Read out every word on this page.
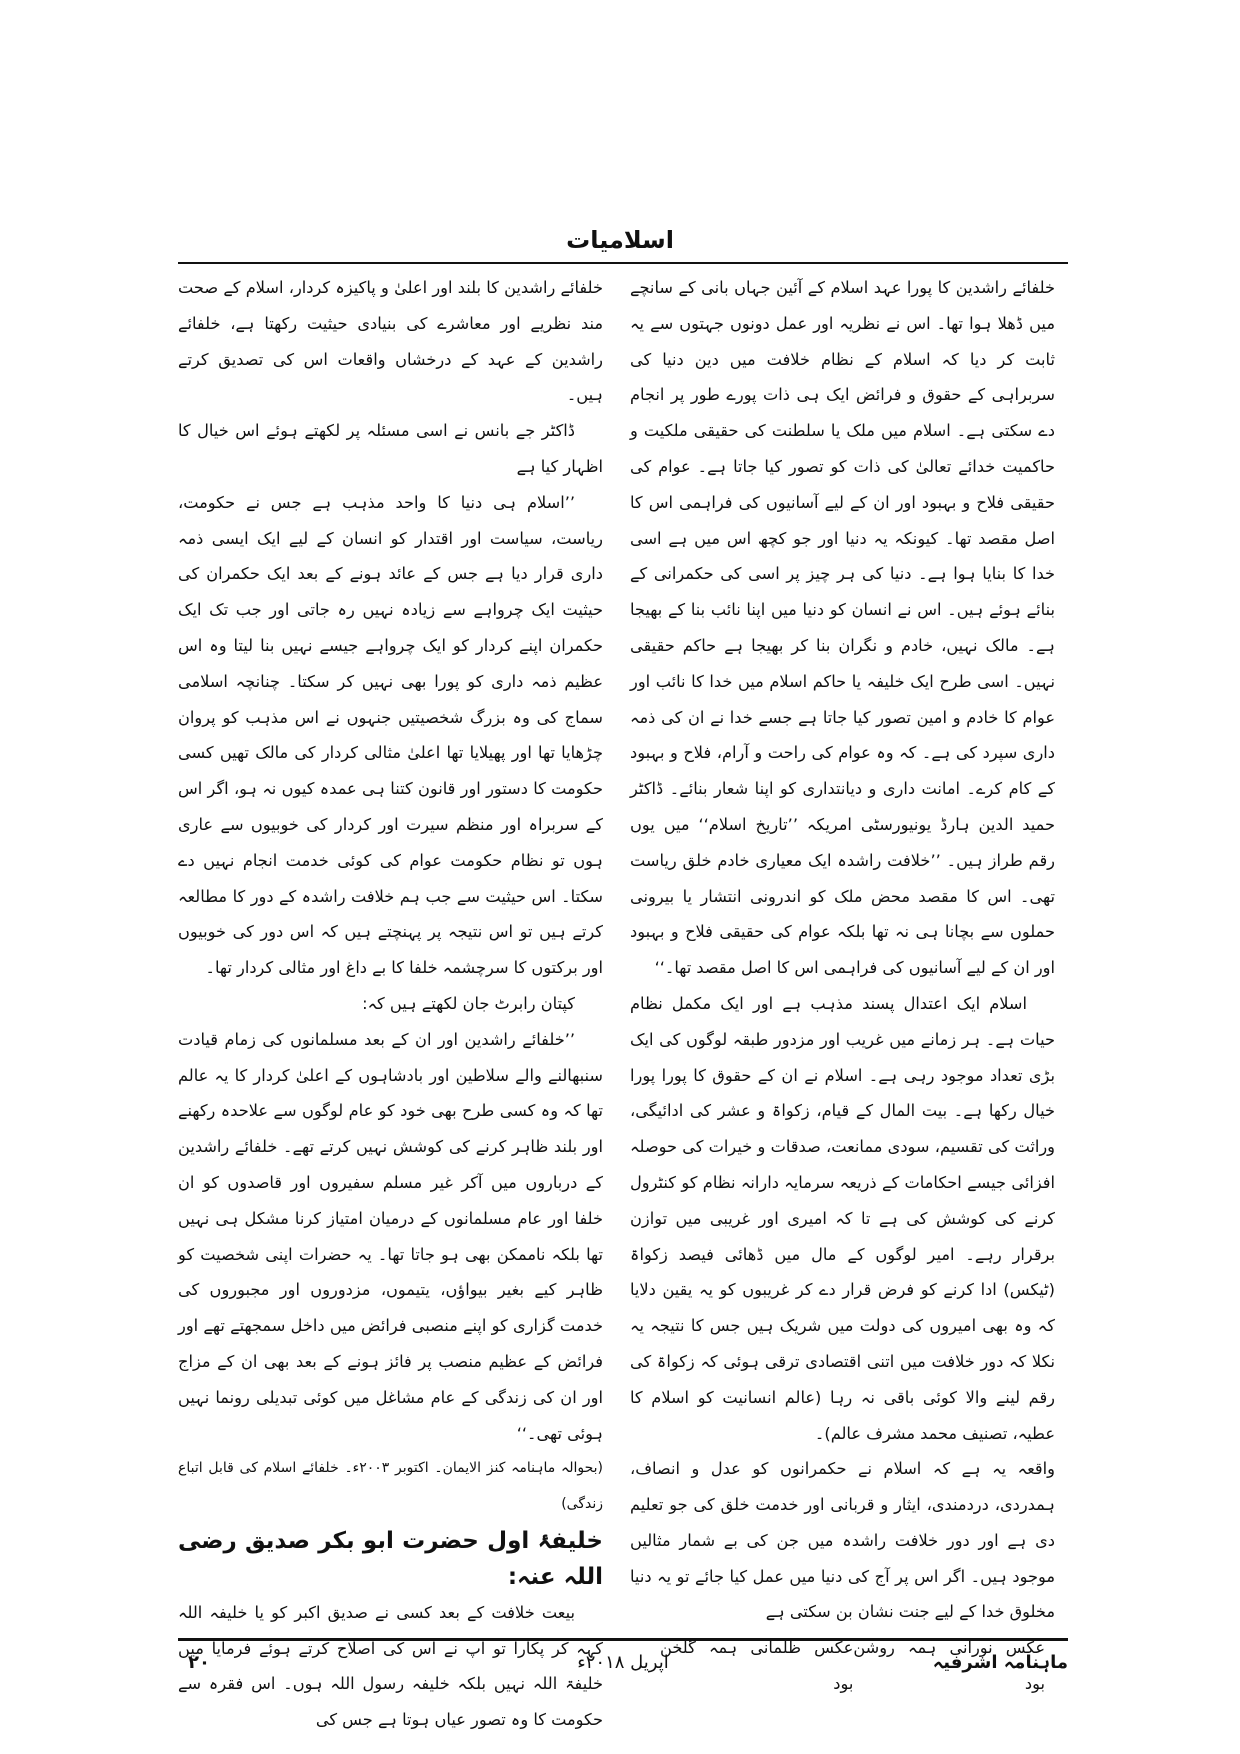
اسلامیات

خلفائے راشدین کا پورا عہد اسلام کے آئین جہاں بانی کے سانچے میں ڈھلا ہوا تھا۔ اس نے نظریہ اور عمل دونوں جہتوں سے یہ ثابت کر دیا کہ اسلام کے نظام خلافت میں دین دنیا کی سربراہی کے حقوق و فرائض ایک ہی ذات پورے طور پر انجام دے سکتی ہے۔ اسلام میں ملک یا سلطنت کی حقیقی ملکیت و حاکمیت خدائے تعالیٰ کی ذات کو تصور کیا جاتا ہے۔ عوام کی حقیقی فلاح و بہبود اور ان کے لیے آسانیوں کی فراہمی اس کا اصل مقصد تھا۔ کیونکہ یہ دنیا اور جو کچھ اس میں ہے اسی خدا کا بنایا ہوا ہے۔ دنیا کی ہر چیز پر اسی کی حکمرانی کے بنائے ہوئے ہیں۔ اس نے انسان کو دنیا میں اپنا نائب بنا کے بھیجا ہے۔ مالک نہیں، خادم و نگران بنا کر بھیجا ہے حاکم حقیقی نہیں۔ اسی طرح ایک خلیفہ یا حاکم اسلام میں خدا کا نائب اور عوام کا خادم و امین تصور کیا جاتا ہے جسے خدا نے ان کی ذمہ داری سپرد کی ہے۔ کہ وہ عوام کی راحت و آرام، فلاح و بہبود کے کام کرے۔ امانت داری و دیانتداری کو اپنا شعار بنائے۔ ڈاکٹر حمید الدین ہارڈ یونیورسٹی امریکہ ’’تاریخ اسلام‘‘ میں یوں رقم طراز ہیں۔ ’’خلافت راشدہ ایک معیاری خادم خلق ریاست تھی۔ اس کا مقصد محض ملک کو اندرونی انتشار یا بیرونی حملوں سے بچانا ہی نہ تھا بلکہ عوام کی حقیقی فلاح و بہبود اور ان کے لیے آسانیوں کی فراہمی اس کا اصل مقصد تھا۔‘‘

اسلام ایک اعتدال پسند مذہب ہے اور ایک مکمل نظام حیات ہے۔ ہر زمانے میں غریب اور مزدور طبقہ لوگوں کی ایک بڑی تعداد موجود رہی ہے۔ اسلام نے ان کے حقوق کا پورا پورا خیال رکھا ہے۔ بیت المال کے قیام، زکواۃ و عشر کی ادائیگی، وراثت کی تقسیم، سودی ممانعت، صدقات و خیرات کی حوصلہ افزائی جیسے احکامات کے ذریعہ سرمایہ دارانہ نظام کو کنٹرول کرنے کی کوشش کی ہے تا کہ امیری اور غریبی میں توازن برقرار رہے۔ امیر لوگوں کے مال میں ڈھائی فیصد زکواۃ (ٹیکس) ادا کرنے کو فرض قرار دے کر غریبوں کو یہ یقین دلایا کہ وہ بھی امیروں کی دولت میں شریک ہیں جس کا نتیجہ یہ نکلا کہ دور خلافت میں اتنی اقتصادی ترقی ہوئی کہ زکواۃ کی رقم لینے والا کوئی باقی نہ رہا (عالم انسانیت کو اسلام کا عطیہ، تصنیف محمد مشرف عالم)۔

واقعہ یہ ہے کہ اسلام نے حکمرانوں کو عدل و انصاف، ہمدردی، دردمندی، ایثار و قربانی اور خدمت خلق کی جو تعلیم دی ہے اور دور خلافت راشدہ میں جن کی بے شمار مثالیں موجود ہیں۔ اگر اس پر آج کی دنیا میں عمل کیا جائے تو یہ دنیا مخلوق خدا کے لیے جنت نشان بن سکتی ہے

عکس نورانی ہمہ روشن بود
عکس ظلمانی ہمہ گلخن بود

خلفائے راشدین کا بلند اور اعلیٰ و پاکیزہ کردار، اسلام کے صحت مند نظریے اور معاشرے کی بنیادی حیثیت رکھتا ہے، خلفائے راشدین کے عہد کے درخشاں واقعات اس کی تصدیق کرتے ہیں۔

ڈاکٹر جے بانس نے اسی مسئلہ پر لکھتے ہوئے اس خیال کا اظہار کیا ہے

’’اسلام ہی دنیا کا واحد مذہب ہے جس نے حکومت، ریاست، سیاست اور اقتدار کو انسان کے لیے ایک ایسی ذمہ داری قرار دیا ہے جس کے عائد ہونے کے بعد ایک حکمران کی حیثیت ایک چرواہے سے زیادہ نہیں رہ جاتی اور جب تک ایک حکمران اپنے کردار کو ایک چرواہے جیسے نہیں بنا لیتا وہ اس عظیم ذمہ داری کو پورا بھی نہیں کر سکتا۔ چنانچہ اسلامی سماج کی وہ بزرگ شخصیتیں جنہوں نے اس مذہب کو پروان چڑھایا تھا اور پھیلایا تھا اعلیٰ مثالی کردار کی مالک تھیں کسی حکومت کا دستور اور قانون کتنا ہی عمدہ کیوں نہ ہو، اگر اس کے سربراہ اور منظم سیرت اور کردار کی خوبیوں سے عاری ہوں تو نظام حکومت عوام کی کوئی خدمت انجام نہیں دے سکتا۔ اس حیثیت سے جب ہم خلافت راشدہ کے دور کا مطالعہ کرتے ہیں تو اس نتیجہ پر پہنچتے ہیں کہ اس دور کی خوبیوں اور برکتوں کا سرچشمہ خلفا کا بے داغ اور مثالی کردار تھا۔

کپتان رابرٹ جان لکھتے ہیں کہ:

’’خلفائے راشدین اور ان کے بعد مسلمانوں کی زمام قیادت سنبھالنے والے سلاطین اور بادشاہوں کے اعلیٰ کردار کا یہ عالم تھا کہ وہ کسی طرح بھی خود کو عام لوگوں سے علاحدہ رکھنے اور بلند ظاہر کرنے کی کوشش نہیں کرتے تھے۔ خلفائے راشدین کے درباروں میں آکر غیر مسلم سفیروں اور قاصدوں کو ان خلفا اور عام مسلمانوں کے درمیان امتیاز کرنا مشکل ہی نہیں تھا بلکہ ناممکن بھی ہو جاتا تھا۔ یہ حضرات اپنی شخصیت کو ظاہر کیے بغیر بیواؤں، یتیموں، مزدوروں اور مجبوروں کی خدمت گزاری کو اپنے منصبی فرائض میں داخل سمجھتے تھے اور فرائض کے عظیم منصب پر فائز ہونے کے بعد بھی ان کے مزاج اور ان کی زندگی کے عام مشاغل میں کوئی تبدیلی رونما نہیں ہوئی تھی۔‘‘

(بحوالہ ماہنامہ کنز الایمان۔ اکتوبر ۲۰۰۳ء۔ خلفائے اسلام کی قابل اتباع زندگی)

خلیفۂ اول حضرت ابو بکر صدیق رضی اللہ عنہ:

بیعت خلافت کے بعد کسی نے صدیق اکبر کو یا خلیفہ اللہ کہہ کر پکارا تو آپ نے اس کی اصلاح کرتے ہوئے فرمایا میں خلیفۃ اللہ نہیں بلکہ خلیفہ رسول اللہ ہوں۔ اس فقرہ سے حکومت کا وہ تصور عیاں ہوتا ہے جس کی

ماہنامہ اشرفیہ
اپریل ۲۰۱۸ء
۲۰
